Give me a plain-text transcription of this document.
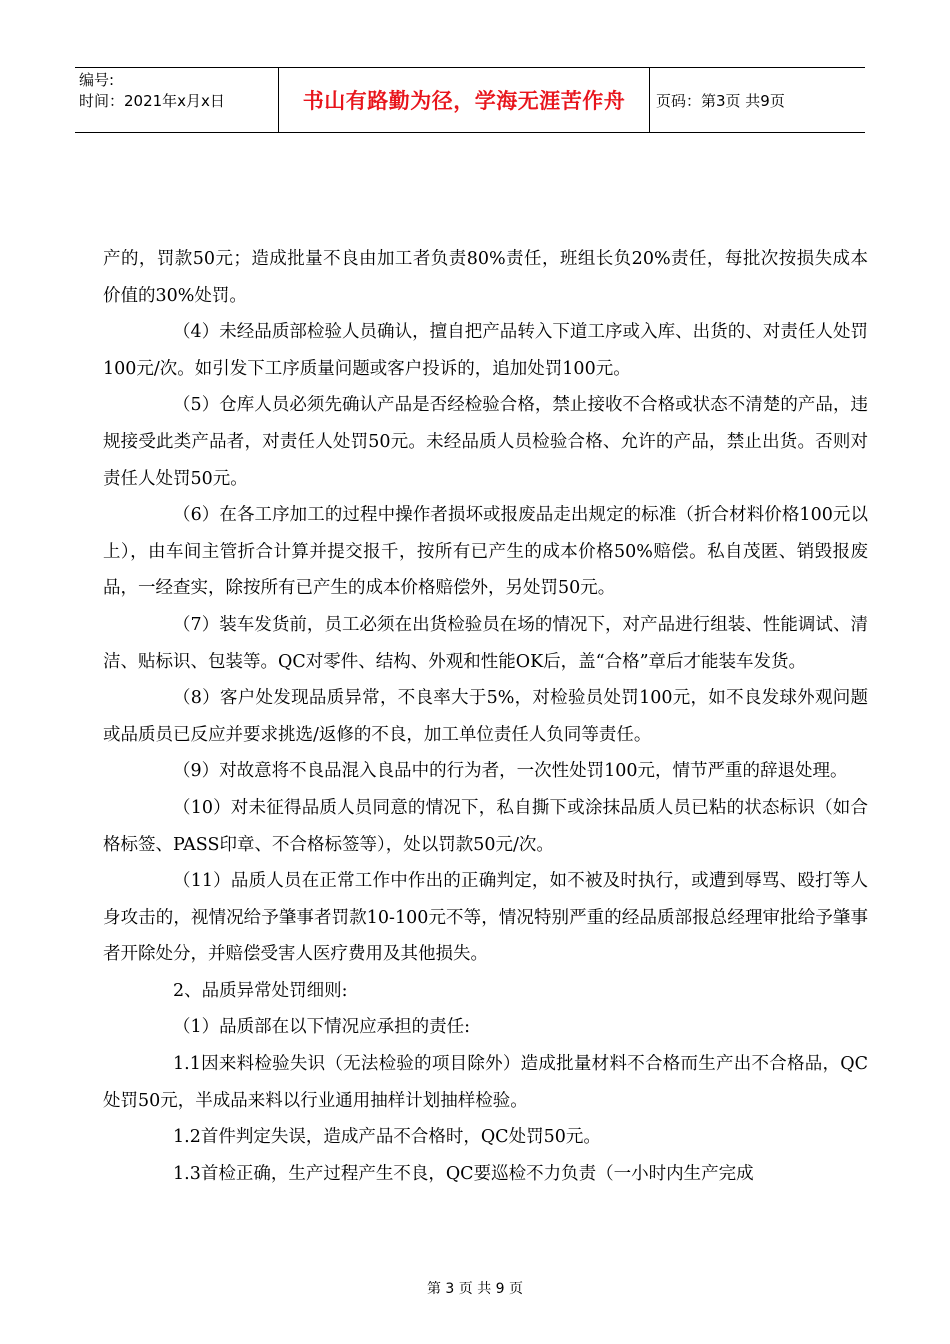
编号:
时间：2021年x月x日	书山有路勤为径，学海无涯苦作舟	页码：第3页 共9页

产的，罚款50元；造成批量不良由加工者负责80%责任，班组长负20%责任，每批次按损失成本价值的30%处罚。

（4）未经品质部检验人员确认，擅自把产品转入下道工序或入库、出货的、对责任人处罚100元/次。如引发下工序质量问题或客户投诉的，追加处罚100元。

（5）仓库人员必须先确认产品是否经检验合格，禁止接收不合格或状态不清楚的产品，违规接受此类产品者，对责任人处罚50元。未经品质人员检验合格、允许的产品，禁止出货。否则对责任人处罚50元。

（6）在各工序加工的过程中操作者损坏或报废品走出规定的标准（折合材料价格100元以上），由车间主管折合计算并提交报千，按所有已产生的成本价格50%赔偿。私自茂匿、销毁报废品，一经查实，除按所有已产生的成本价格赔偿外，另处罚50元。

（7）装车发货前，员工必须在出货检验员在场的情况下，对产品进行组装、性能调试、清洁、贴标识、包装等。QC对零件、结构、外观和性能OK后，盖“合格”章后才能装车发货。

（8）客户处发现品质异常，不良率大于5%，对检验员处罚100元，如不良发球外观问题或品质员已反应并要求挑选/返修的不良，加工单位责任人负同等责任。

（9）对故意将不良品混入良品中的行为者，一次性处罚100元，情节严重的辞退处理。

（10）对未征得品质人员同意的情况下，私自撕下或涂抹品质人员已粘的状态标识（如合格标签、PASS印章、不合格标签等），处以罚款50元/次。

（11）品质人员在正常工作中作出的正确判定，如不被及时执行，或遭到辱骂、殴打等人身攻击的，视情况给予肇事者罚款10-100元不等，情况特别严重的经品质部报总经理审批给予肇事者开除处分，并赔偿受害人医疗费用及其他损失。

2、品质异常处罚细则:

（1）品质部在以下情况应承担的责任:

1.1因来料检验失识（无法检验的项目除外）造成批量材料不合格而生产出不合格品，QC处罚50元，半成品来料以行业通用抽样计划抽样检验。

1.2首件判定失误，造成产品不合格时，QC处罚50元。

1.3首检正确，生产过程产生不良，QC要巡检不力负责（一小时内生产完成

第 3 页 共 9 页
